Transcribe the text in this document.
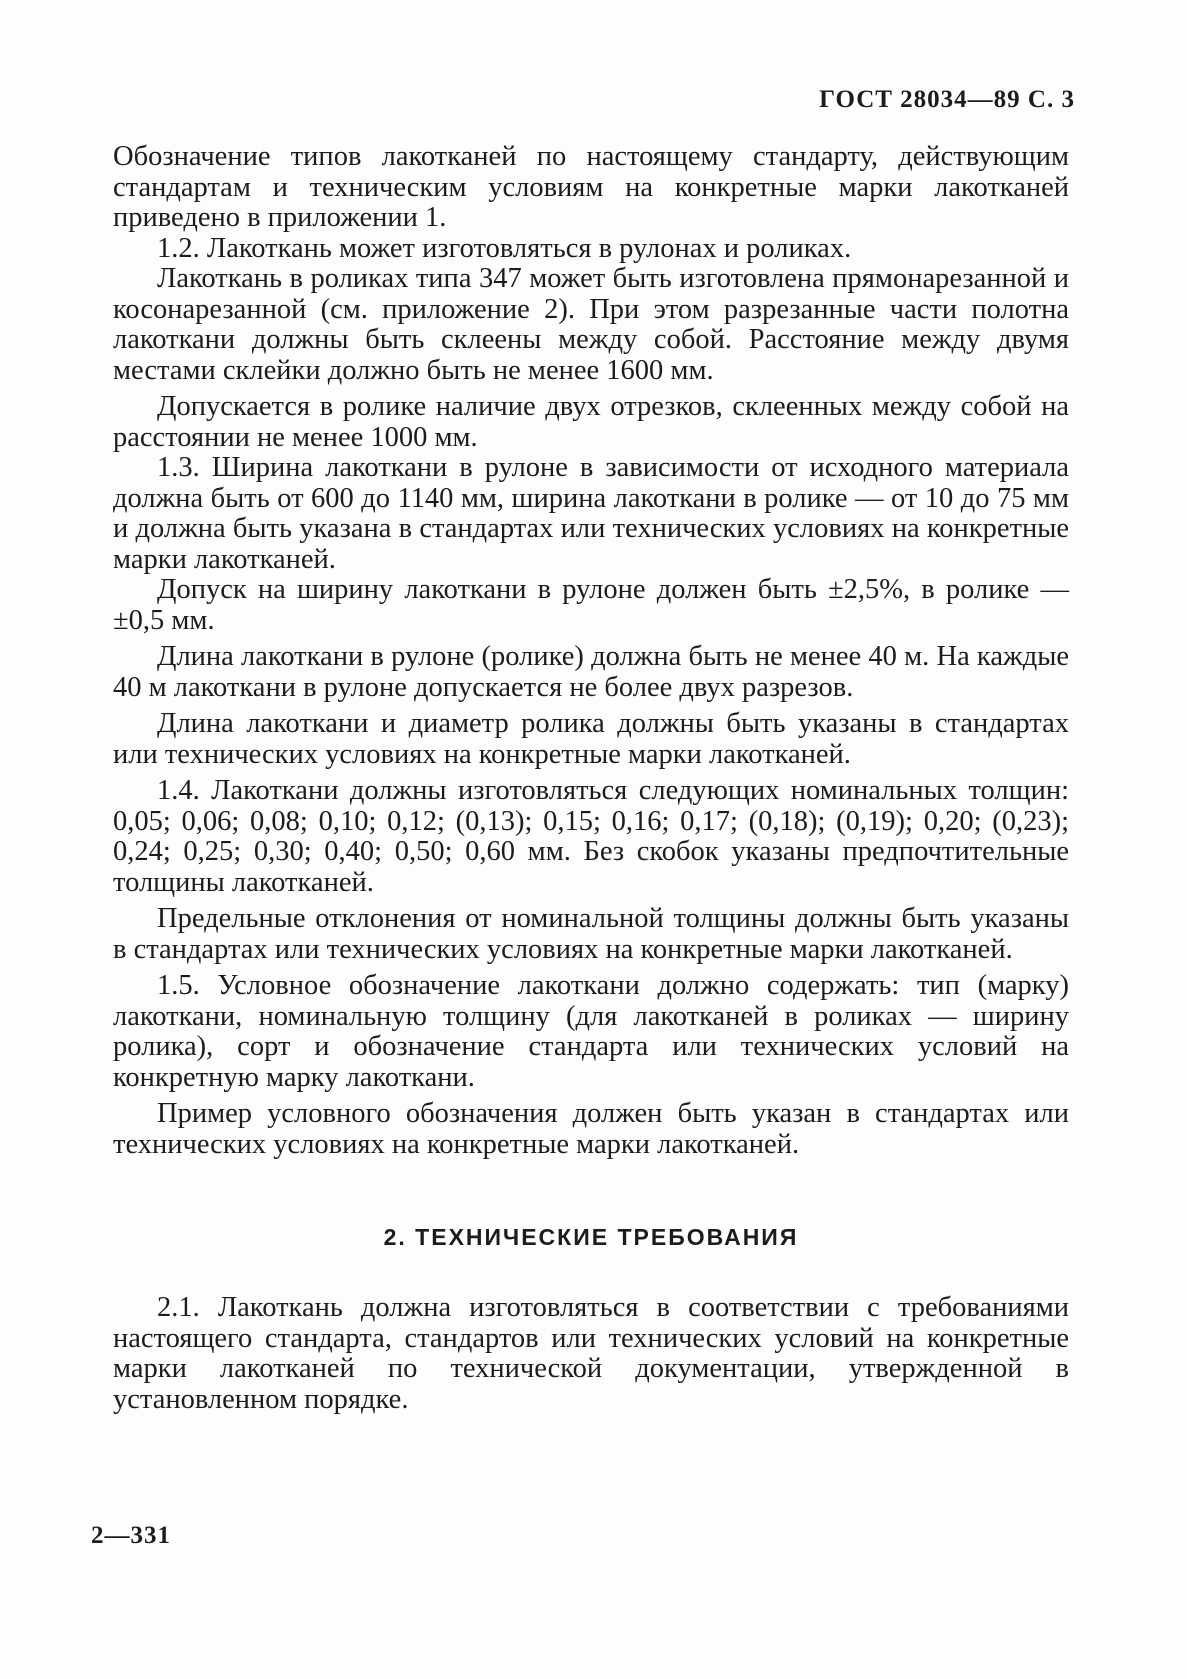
ГОСТ 28034—89 С. 3

Обозначение типов лакотканей по настоящему стандарту, действующим стандартам и техническим условиям на конкретные марки лакотканей приведено в приложении 1.

1.2. Лакоткань может изготовляться в рулонах и роликах.

Лакоткань в роликах типа 347 может быть изготовлена прямонарезанной и косонарезанной (см. приложение 2). При этом разрезанные части полотна лакоткани должны быть склеены между собой. Расстояние между двумя местами склейки должно быть не менее 1600 мм.

Допускается в ролике наличие двух отрезков, склеенных между собой на расстоянии не менее 1000 мм.

1.3. Ширина лакоткани в рулоне в зависимости от исходного материала должна быть от 600 до 1140 мм, ширина лакоткани в ролике — от 10 до 75 мм и должна быть указана в стандартах или технических условиях на конкретные марки лакотканей.

Допуск на ширину лакоткани в рулоне должен быть ±2,5%, в ролике — ±0,5 мм.

Длина лакоткани в рулоне (ролике) должна быть не менее 40 м. На каждые 40 м лакоткани в рулоне допускается не более двух разрезов.

Длина лакоткани и диаметр ролика должны быть указаны в стандартах или технических условиях на конкретные марки лакотканей.

1.4. Лакоткани должны изготовляться следующих номинальных толщин: 0,05; 0,06; 0,08; 0,10; 0,12; (0,13); 0,15; 0,16; 0,17; (0,18); (0,19); 0,20; (0,23); 0,24; 0,25; 0,30; 0,40; 0,50; 0,60 мм. Без скобок указаны предпочтительные толщины лакотканей.

Предельные отклонения от номинальной толщины должны быть указаны в стандартах или технических условиях на конкретные марки лакотканей.

1.5. Условное обозначение лакоткани должно содержать: тип (марку) лакоткани, номинальную толщину (для лакотканей в роликах — ширину ролика), сорт и обозначение стандарта или технических условий на конкретную марку лакоткани.

Пример условного обозначения должен быть указан в стандартах или технических условиях на конкретные марки лакотканей.

2. ТЕХНИЧЕСКИЕ ТРЕБОВАНИЯ

2.1. Лакоткань должна изготовляться в соответствии с требованиями настоящего стандарта, стандартов или технических условий на конкретные марки лакотканей по технической документации, утвержденной в установленном порядке.

2—331
